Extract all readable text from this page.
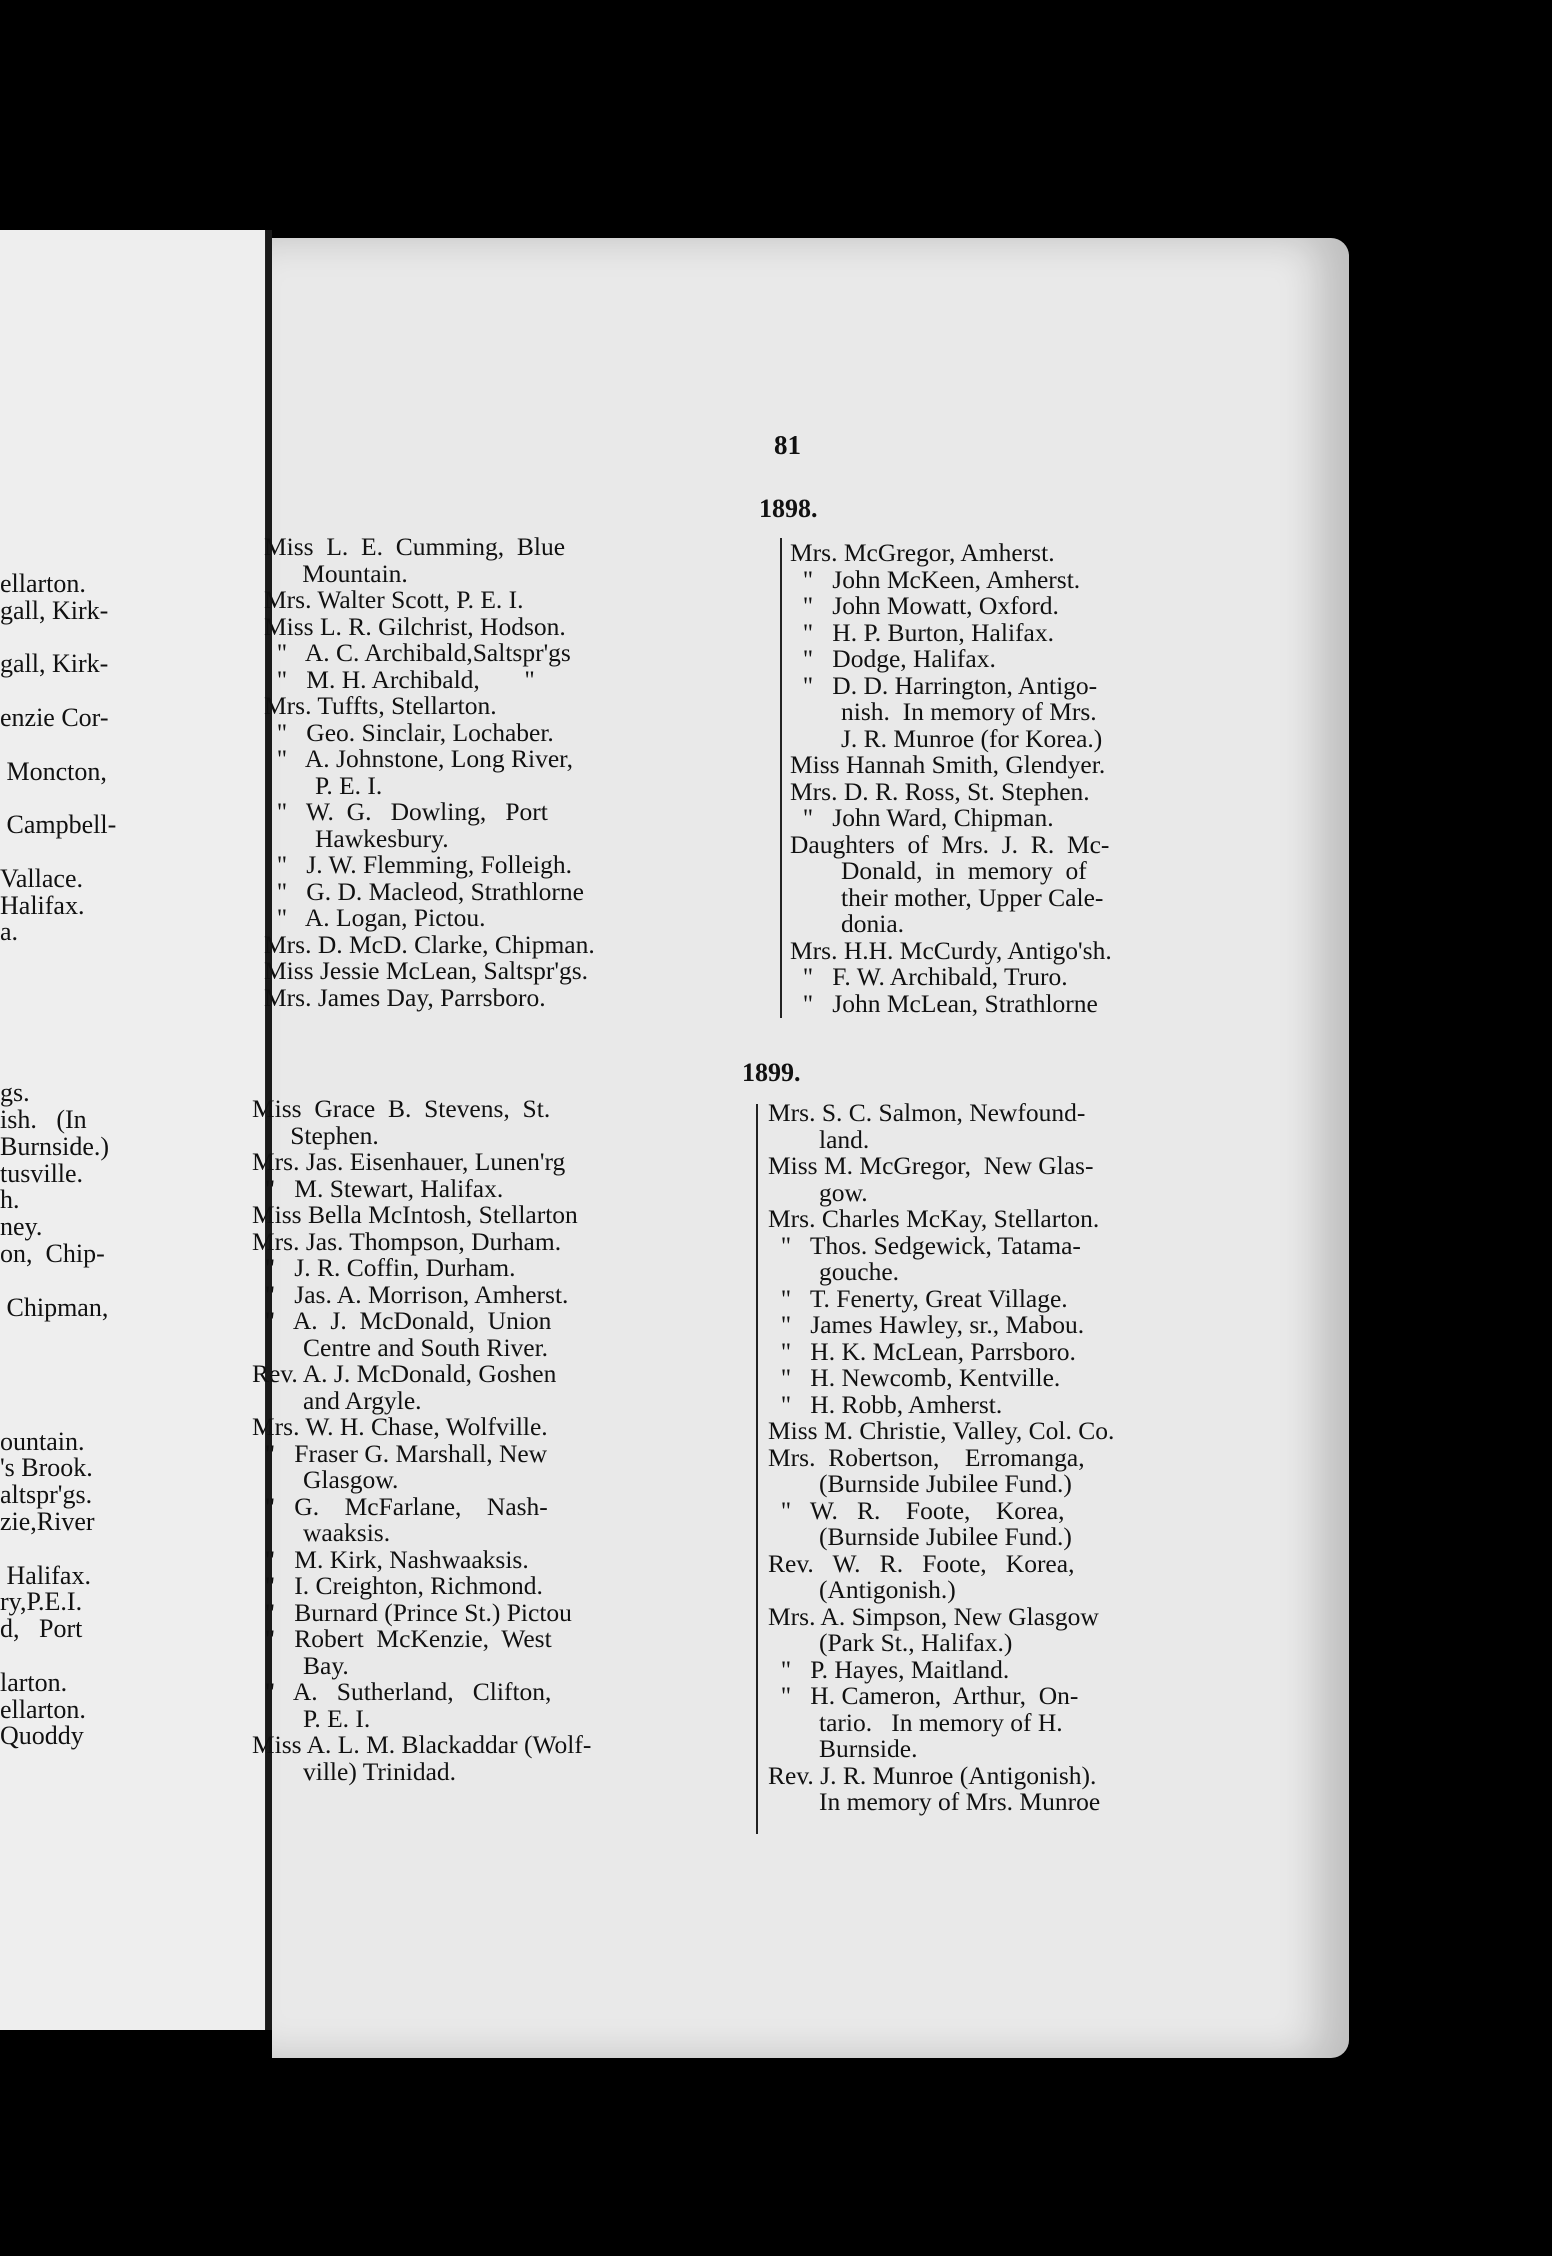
ellarton.
gall, Kirk-
gall, Kirk-
enzie Cor-
Moncton,
Campbell-
Vallace.
Halifax.
a.
gs.
ish.   (In
Burnside.)
tusville.
h.
ney.
on,  Chip-
Chipman,
ountain.
's Brook.
altspr'gs.
zie,River
Halifax.
ry,P.E.I.
d,   Port
larton.
ellarton.
Quoddy
81
1898.
Miss  L.  E.  Cumming,  Blue
Mountain.
Mrs. Walter Scott, P. E. I.
Miss L. R. Gilchrist, Hodson.
"   A. C. Archibald,Saltspr'gs
"   M. H. Archibald,       "
Mrs. Tuffts, Stellarton.
"   Geo. Sinclair, Lochaber.
"   A. Johnstone, Long River,
P. E. I.
"   W.  G.   Dowling,   Port
Hawkesbury.
"   J. W. Flemming, Folleigh.
"   G. D. Macleod, Strathlorne
"   A. Logan, Pictou.
Mrs. D. McD. Clarke, Chipman.
Miss Jessie McLean, Saltspr'gs.
Mrs. James Day, Parrsboro.
Mrs. McGregor, Amherst.
"   John McKeen, Amherst.
"   John Mowatt, Oxford.
"   H. P. Burton, Halifax.
"   Dodge, Halifax.
"   D. D. Harrington, Antigo-
nish.  In memory of Mrs.
J. R. Munroe (for Korea.)
Miss Hannah Smith, Glendyer.
Mrs. D. R. Ross, St. Stephen.
"   John Ward, Chipman.
Daughters  of  Mrs.  J.  R.  Mc-
Donald,  in  memory  of
their mother, Upper Cale-
donia.
Mrs. H.H. McCurdy, Antigo'sh.
"   F. W. Archibald, Truro.
"   John McLean, Strathlorne
1899.
Miss  Grace  B.  Stevens,  St.
Stephen.
Mrs. Jas. Eisenhauer, Lunen'rg
"   M. Stewart, Halifax.
Miss Bella McIntosh, Stellarton
Mrs. Jas. Thompson, Durham.
"   J. R. Coffin, Durham.
"   Jas. A. Morrison, Amherst.
"   A.  J.  McDonald,  Union
Centre and South River.
Rev. A. J. McDonald, Goshen
and Argyle.
Mrs. W. H. Chase, Wolfville.
"   Fraser G. Marshall, New
Glasgow.
"   G.    McFarlane,    Nash-
waaksis.
"   M. Kirk, Nashwaaksis.
"   I. Creighton, Richmond.
"   Burnard (Prince St.) Pictou
"   Robert  McKenzie,  West
Bay.
"   A.   Sutherland,   Clifton,
P. E. I.
Miss A. L. M. Blackaddar (Wolf-
ville) Trinidad.
Mrs. S. C. Salmon, Newfound-
land.
Miss M. McGregor,  New Glas-
gow.
Mrs. Charles McKay, Stellarton.
"   Thos. Sedgewick, Tatama-
gouche.
"   T. Fenerty, Great Village.
"   James Hawley, sr., Mabou.
"   H. K. McLean, Parrsboro.
"   H. Newcomb, Kentville.
"   H. Robb, Amherst.
Miss M. Christie, Valley, Col. Co.
Mrs.  Robertson,    Erromanga,
(Burnside Jubilee Fund.)
"   W.   R.    Foote,    Korea,
(Burnside Jubilee Fund.)
Rev.   W.   R.   Foote,   Korea,
(Antigonish.)
Mrs. A. Simpson, New Glasgow
(Park St., Halifax.)
"   P. Hayes, Maitland.
"   H. Cameron,  Arthur,  On-
tario.   In memory of H.
Burnside.
Rev. J. R. Munroe (Antigonish).
In memory of Mrs. Munroe
